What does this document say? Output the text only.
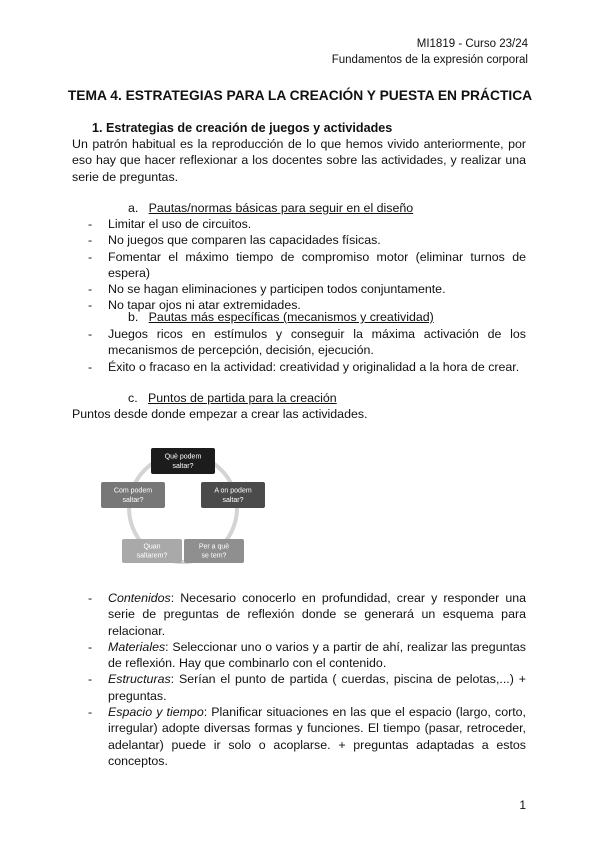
MI1819 - Curso 23/24
Fundamentos de la expresión corporal
TEMA 4. ESTRATEGIAS PARA LA CREACIÓN Y PUESTA EN PRÁCTICA
1. Estrategias de creación de juegos y actividades
Un patrón habitual es la reproducción de lo que hemos vivido anteriormente, por eso hay que hacer reflexionar a los docentes sobre las actividades, y realizar una serie de preguntas.
a. Pautas/normas básicas para seguir en el diseño
- Limitar el uso de circuitos.
- No juegos que comparen las capacidades físicas.
- Fomentar el máximo tiempo de compromiso motor (eliminar turnos de espera)
- No se hagan eliminaciones y participen todos conjuntamente.
- No tapar ojos ni atar extremidades.
b. Pautas más específicas (mecanismos y creatividad)
- Juegos ricos en estímulos y conseguir la máxima activación de los mecanismos de percepción, decisión, ejecución.
- Éxito o fracaso en la actividad: creatividad y originalidad a la hora de crear.
c. Puntos de partida para la creación
Puntos desde donde empezar a crear las actividades.
Què podem
saltar?
A on podem
saltar?
Per a què
se tem?
Quan
saltarem?
Com podem
saltar?
- Contenidos: Necesario conocerlo en profundidad, crear y responder una serie de preguntas de reflexión donde se generará un esquema para relacionar.
- Materiales: Seleccionar uno o varios y a partir de ahí, realizar las preguntas de reflexión. Hay que combinarlo con el contenido.
- Estructuras: Serían el punto de partida ( cuerdas, piscina de pelotas,...) + preguntas.
- Espacio y tiempo: Planificar situaciones en las que el espacio (largo, corto, irregular) adopte diversas formas y funciones. El tiempo (pasar, retroceder, adelantar) puede ir solo o acoplarse. + preguntas adaptadas a estos conceptos.
1
